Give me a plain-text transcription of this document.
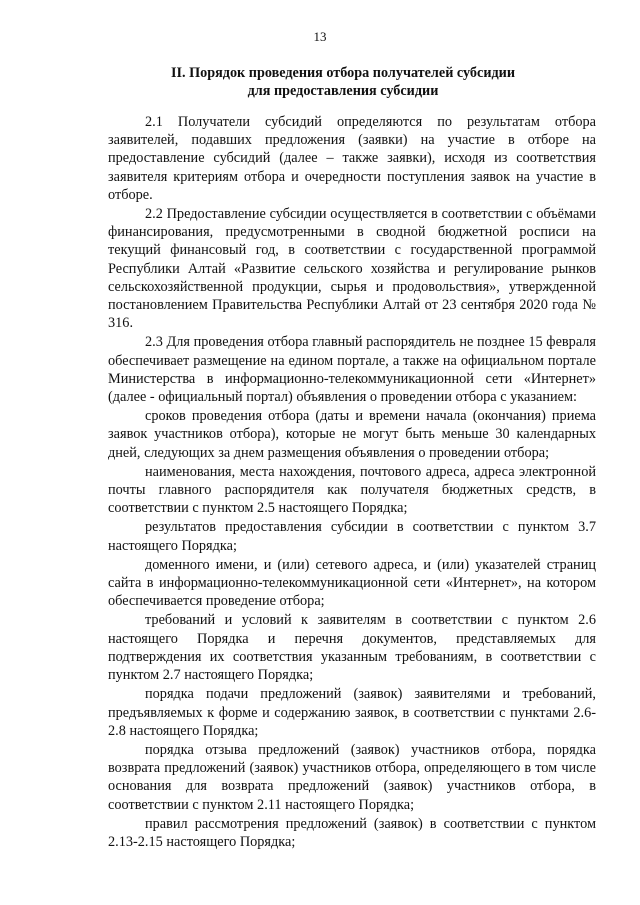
13
II. Порядок проведения отбора получателей субсидии
для предоставления субсидии

2.1 Получатели субсидий определяются по результатам отбора заявителей, подавших предложения (заявки) на участие в отборе на предоставление субсидий (далее – также заявки), исходя из соответствия заявителя критериям отбора и очередности поступления заявок на участие в отборе.

2.2 Предоставление субсидии осуществляется в соответствии с объёмами финансирования, предусмотренными в сводной бюджетной росписи на текущий финансовый год, в соответствии с государственной программой Республики Алтай «Развитие сельского хозяйства и регулирование рынков сельскохозяйственной продукции, сырья и продовольствия», утвержденной постановлением Правительства Республики Алтай от 23 сентября 2020 года № 316.

2.3 Для проведения отбора главный распорядитель не позднее 15 февраля обеспечивает размещение на едином портале, а также на официальном портале Министерства в информационно-телекоммуникационной сети «Интернет» (далее - официальный портал) объявления о проведении отбора с указанием:

сроков проведения отбора (даты и времени начала (окончания) приема заявок участников отбора), которые не могут быть меньше 30 календарных дней, следующих за днем размещения объявления о проведении отбора;

наименования, места нахождения, почтового адреса, адреса электронной почты главного распорядителя как получателя бюджетных средств, в соответствии с пунктом 2.5 настоящего Порядка;

результатов предоставления субсидии в соответствии с пунктом 3.7 настоящего Порядка;

доменного имени, и (или) сетевого адреса, и (или) указателей страниц сайта в информационно-телекоммуникационной сети «Интернет», на котором обеспечивается проведение отбора;

требований и условий к заявителям в соответствии с пунктом 2.6 настоящего Порядка и перечня документов, представляемых для подтверждения их соответствия указанным требованиям, в соответствии с пунктом 2.7 настоящего Порядка;

порядка подачи предложений (заявок) заявителями и требований, предъявляемых к форме и содержанию заявок, в соответствии с пунктами 2.6-2.8 настоящего Порядка;

порядка отзыва предложений (заявок) участников отбора, порядка возврата предложений (заявок) участников отбора, определяющего в том числе основания для возврата предложений (заявок) участников отбора, в соответствии с пунктом 2.11 настоящего Порядка;

правил рассмотрения предложений (заявок) в соответствии с пунктом 2.13-2.15 настоящего Порядка;
